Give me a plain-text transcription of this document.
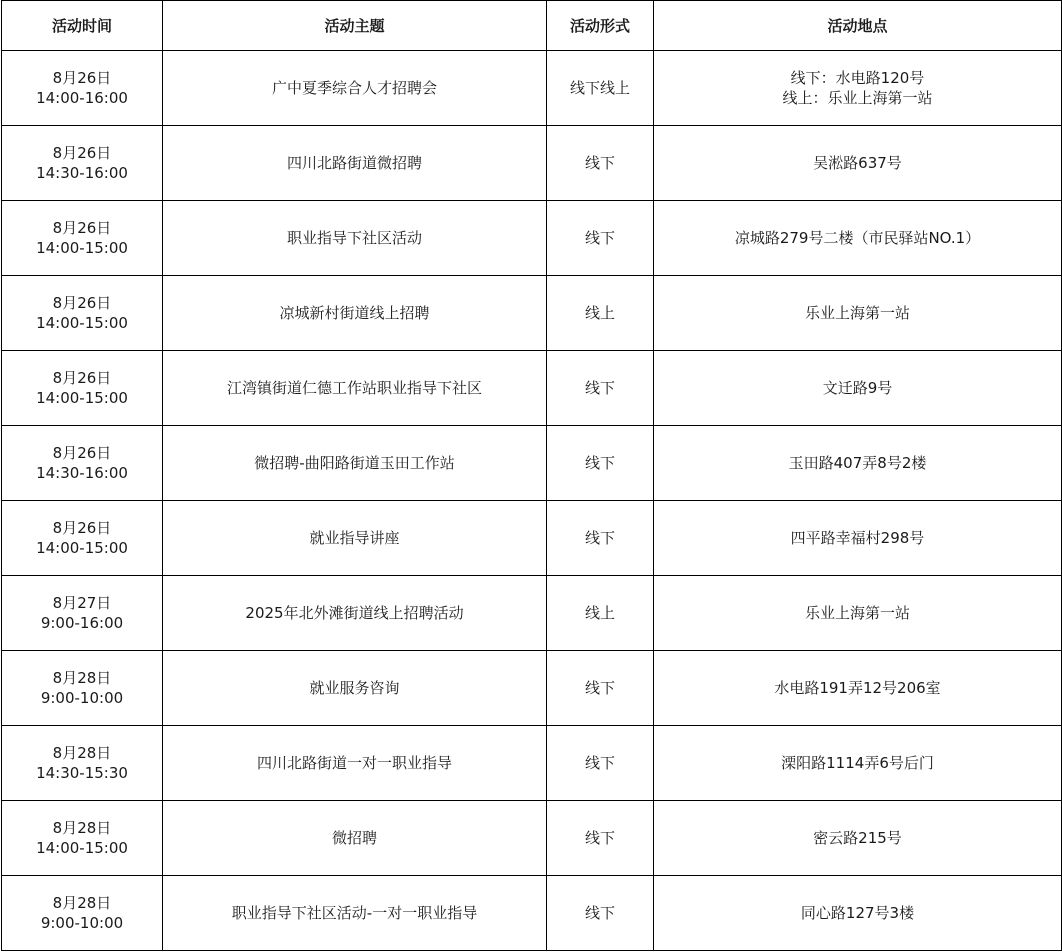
活动时间	活动主题	活动形式	活动地点

8月26日
14:00-16:00	广中夏季综合人才招聘会	线下线上	线下：水电路120号
线上：乐业上海第一站

8月26日
14:30-16:00	四川北路街道微招聘	线下	吴淞路637号

8月26日
14:00-15:00	职业指导下社区活动	线下	凉城路279号二楼（市民驿站NO.1）

8月26日
14:00-15:00	凉城新村街道线上招聘	线上	乐业上海第一站

8月26日
14:00-15:00	江湾镇街道仁德工作站职业指导下社区	线下	文迁路9号

8月26日
14:30-16:00	微招聘-曲阳路街道玉田工作站	线下	玉田路407弄8号2楼

8月26日
14:00-15:00	就业指导讲座	线下	四平路幸福村298号

8月27日
9:00-16:00	2025年北外滩街道线上招聘活动	线上	乐业上海第一站

8月28日
9:00-10:00	就业服务咨询	线下	水电路191弄12号206室

8月28日
14:30-15:30	四川北路街道一对一职业指导	线下	溧阳路1114弄6号后门

8月28日
14:00-15:00	微招聘	线下	密云路215号

8月28日
9:00-10:00	职业指导下社区活动-一对一职业指导	线下	同心路127号3楼
